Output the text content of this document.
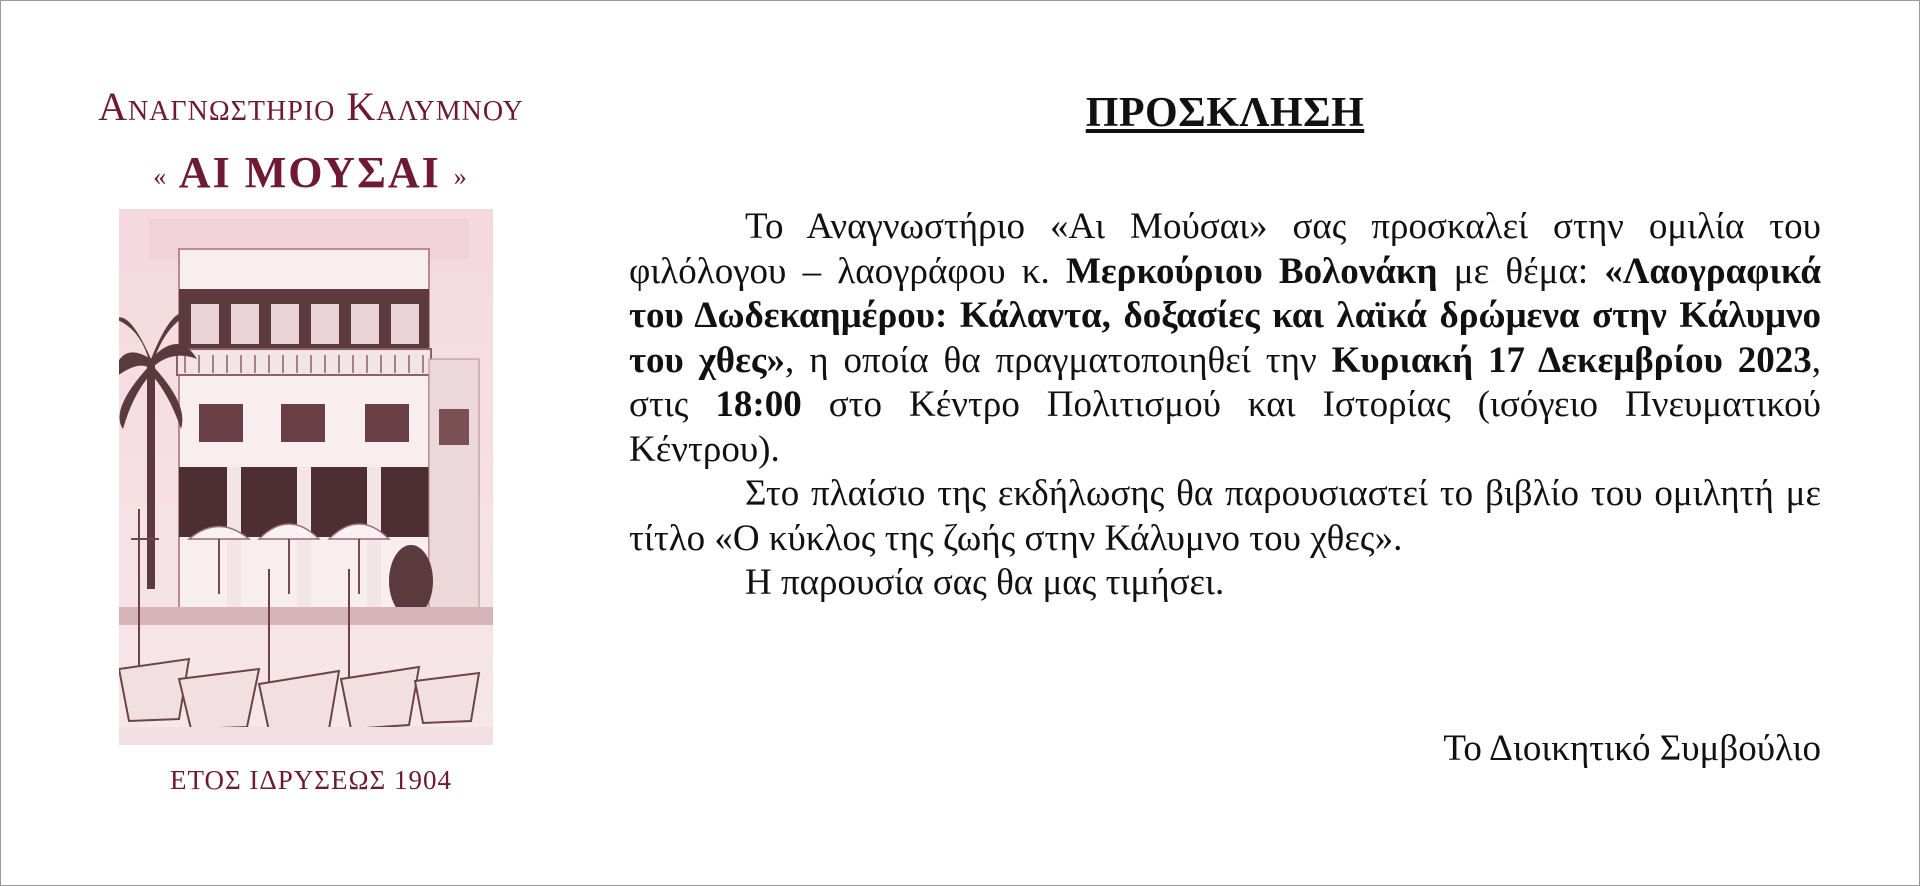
Αναγνωστηριο Καλυμνου
« ΑΙ ΜΟΥΣΑΙ »
ΕΤΟΣ ΙΔΡΥΣΕΩΣ 1904
ΠΡΟΣΚΛΗΣΗ

Το Αναγνωστήριο «Αι Μούσαι» σας προσκαλεί στην ομιλία του φιλόλογου – λαογράφου κ. Μερκούριου Βολονάκη με θέμα: «Λαογραφικά του Δωδεκαημέρου: Κάλαντα, δοξασίες και λαϊκά δρώμενα στην Κάλυμνο του χθες», η οποία θα πραγματοποιηθεί την Κυριακή 17 Δεκεμβρίου 2023, στις 18:00 στο Κέντρο Πολιτισμού και Ιστορίας (ισόγειο Πνευματικού Κέντρου).

Στο πλαίσιο της εκδήλωσης θα παρουσιαστεί το βιβλίο του ομιλητή με τίτλο «Ο κύκλος της ζωής στην Κάλυμνο του χθες».

Η παρουσία σας θα μας τιμήσει.

Το Διοικητικό Συμβούλιο
